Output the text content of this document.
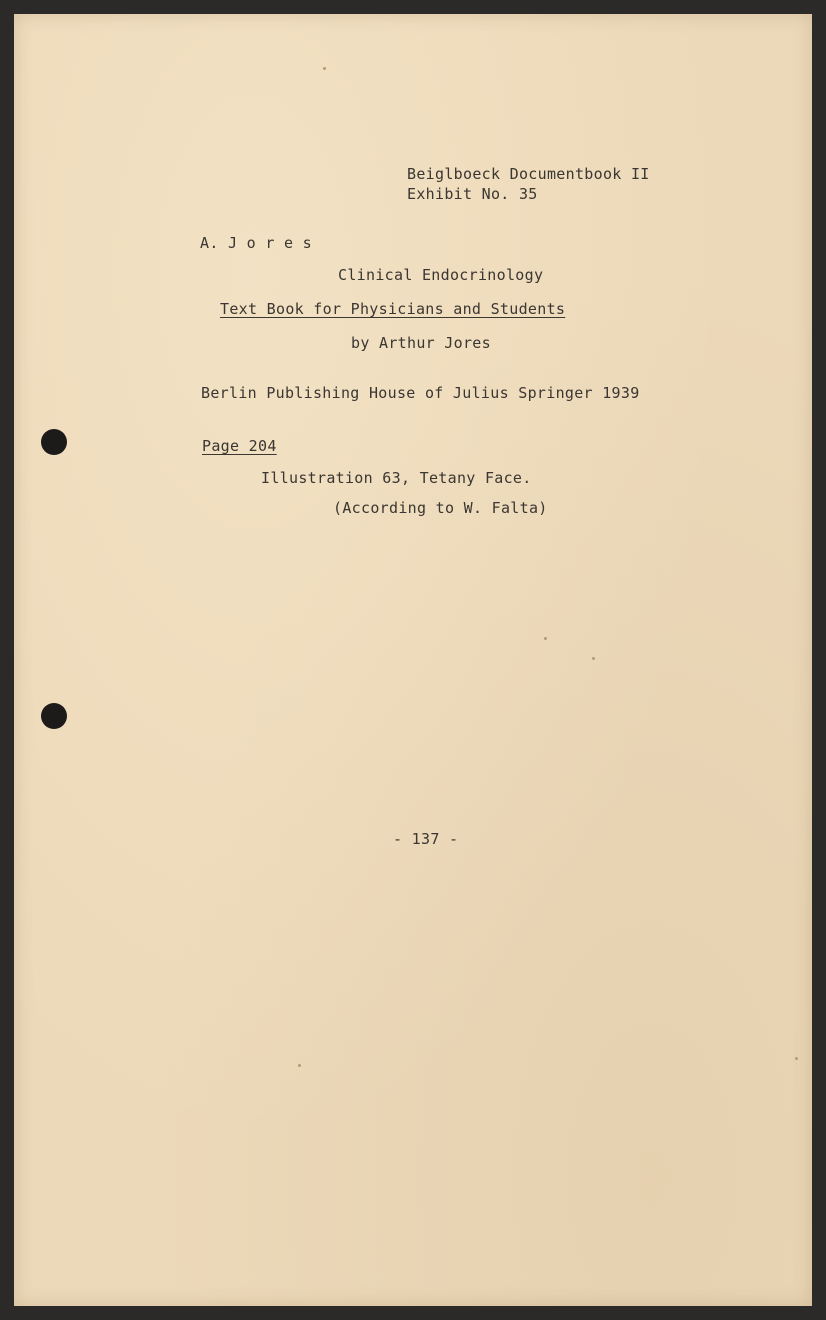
Beiglboeck Documentbook II
Exhibit No. 35
A. J o r e s
Clinical Endocrinology
Text Book for Physicians and Students
by Arthur Jores
Berlin Publishing House of Julius Springer 1939
Page 204
Illustration 63, Tetany Face.
(According to W. Falta)
- 137 -
